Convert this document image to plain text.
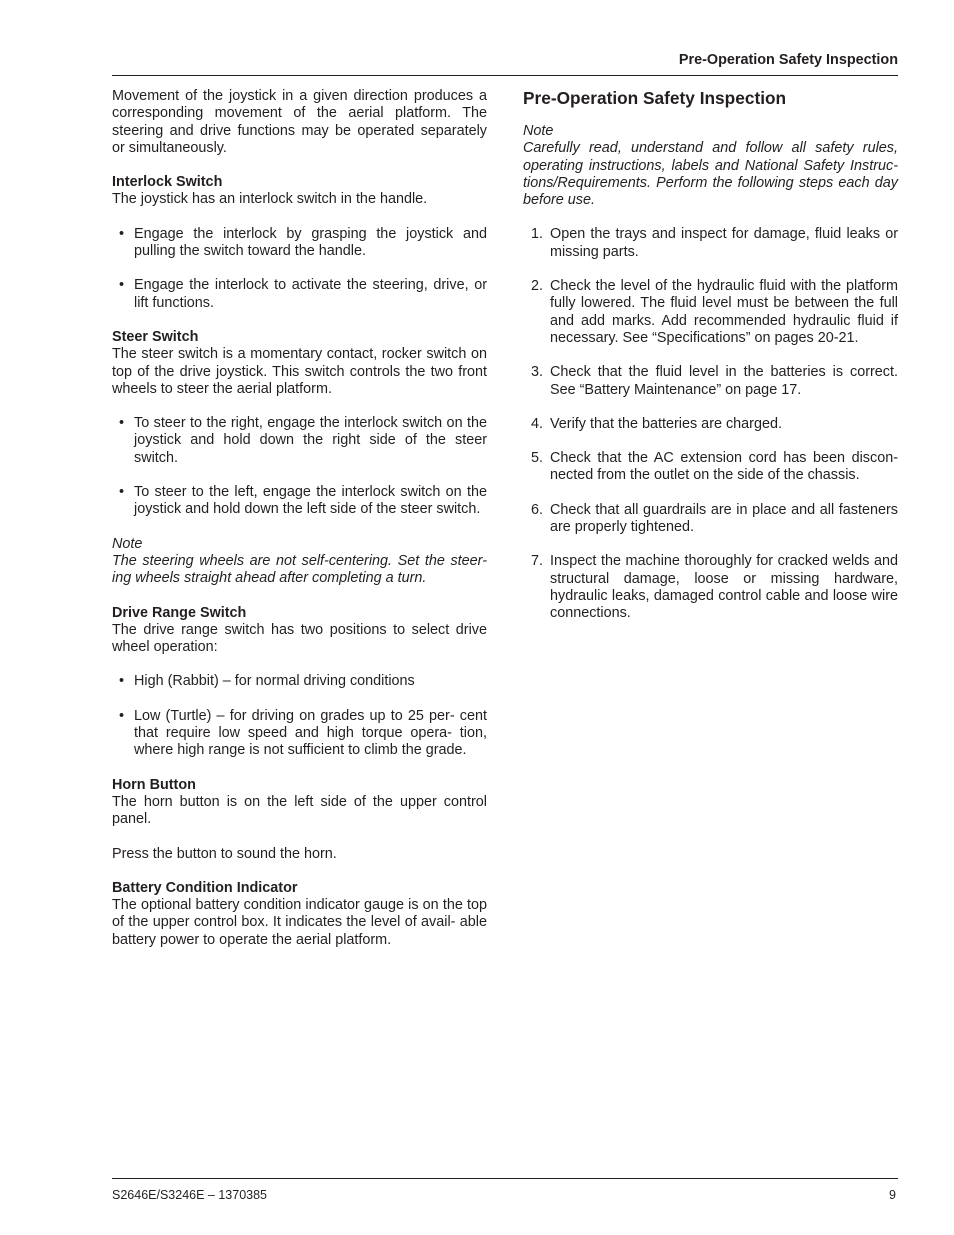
Pre-Operation Safety Inspection

Movement of the joystick in a given direction produces a corresponding movement of the aerial platform. The steering and drive functions may be operated separately or simultaneously.

Interlock Switch

The joystick has an interlock switch in the handle.

• Engage the interlock by grasping the joystick and pulling the switch toward the handle.
• Engage the interlock to activate the steering, drive, or lift functions.
Steer Switch

The steer switch is a momentary contact, rocker switch on top of the drive joystick. This switch controls the two front wheels to steer the aerial platform.

• To steer to the right, engage the interlock switch on the joystick and hold down the right side of the steer switch.
• To steer to the left, engage the interlock switch on the joystick and hold down the left side of the steer switch.

Note

The steering wheels are not self-centering. Set the steer- ing wheels straight ahead after completing a turn.

Drive Range Switch

The drive range switch has two positions to select drive wheel operation:

• High (Rabbit) – for normal driving conditions
• Low (Turtle) – for driving on grades up to 25 per- cent that require low speed and high torque opera- tion, where high range is not sufficient to climb the grade.
Horn Button

The horn button is on the left side of the upper control panel.

Press the button to sound the horn.

Battery Condition Indicator

The optional battery condition indicator gauge is on the top of the upper control box. It indicates the level of avail- able battery power to operate the aerial platform.

Pre-Operation Safety Inspection

Note

Carefully read, understand and follow all safety rules, operating instructions, labels and National Safety Instruc- tions/Requirements. Perform the following steps each day before use.

1. Open the trays and inspect for damage, fluid leaks or missing parts.
2. Check the level of the hydraulic fluid with the platform fully lowered. The fluid level must be between the full and add marks. Add recommended hydraulic fluid if necessary. See “Specifications” on pages 20-21.
3. Check that the fluid level in the batteries is correct. See “Battery Maintenance” on page 17.
4. Verify that the batteries are charged.
5. Check that the AC extension cord has been discon- nected from the outlet on the side of the chassis.
6. Check that all guardrails are in place and all fasteners are properly tightened.
7. Inspect the machine thoroughly for cracked welds and structural damage, loose or missing hardware, hydraulic leaks, damaged control cable and loose wire connections.
S2646E/S3246E – 1370385	9
